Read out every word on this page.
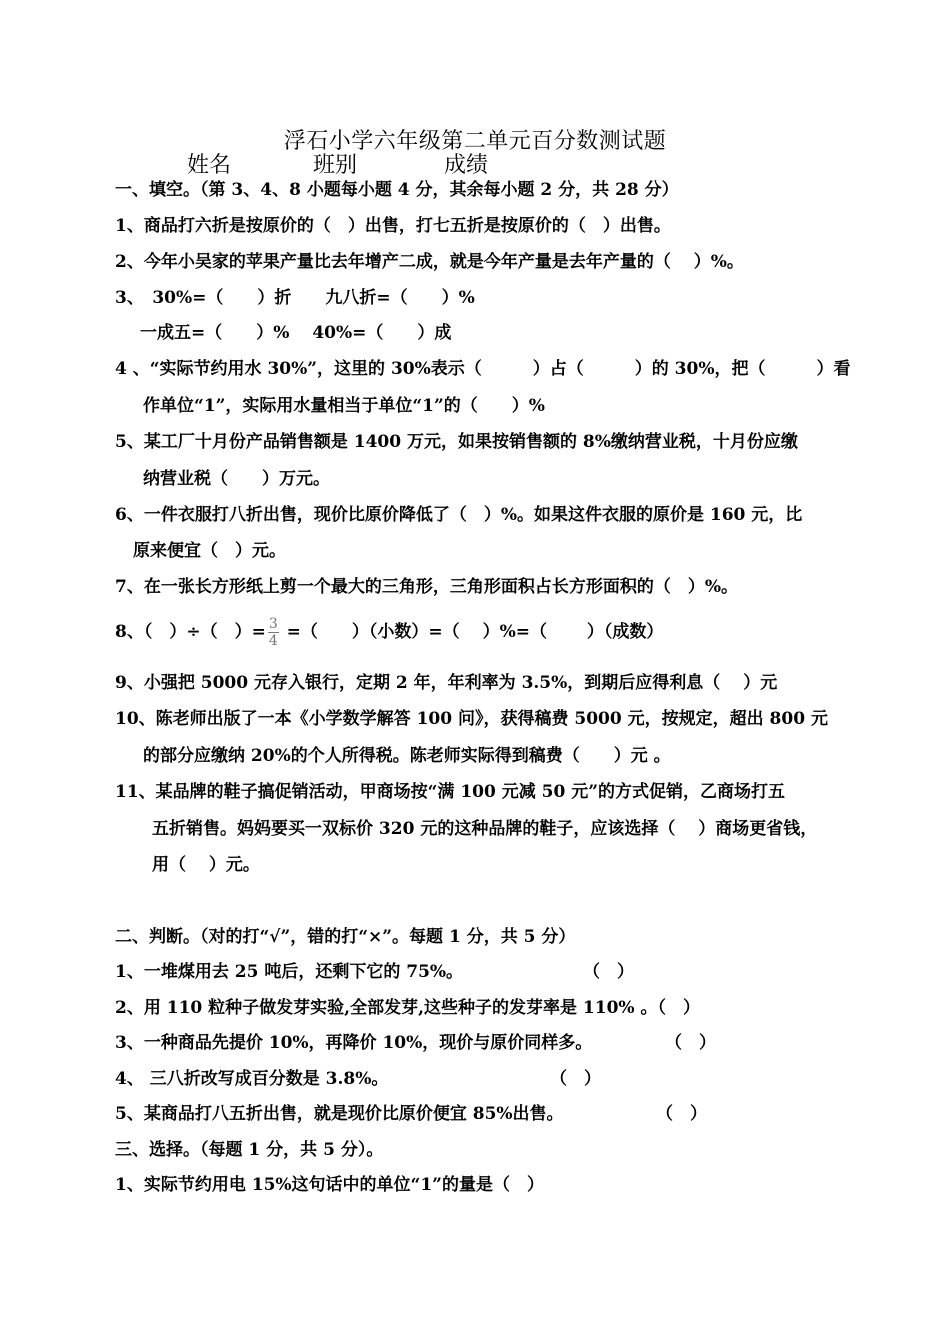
浮石小学六年级第二单元百分数测试题
姓名	班别	成绩
一、填空。（第 3、4、8 小题每小题 4 分，其余每小题 2 分，共 28 分）
1、商品打六折是按原价的（　）出售，打七五折是按原价的（　）出售。
2、今年小吴家的苹果产量比去年增产二成，就是今年产量是去年产量的（　 ）%。
3、　30%=（　　）折　　九八折=（　　）%
一成五=（　　）%　 40%=（　　）成
4 、“实际节约用水 30%”，这里的 30%表示（　　　）占（　　　）的 30%，把（　　　）看
作单位“1”，实际用水量相当于单位“1”的（　　）%
5、某工厂十月份产品销售额是 1400 万元，如果按销售额的 8%缴纳营业税，十月份应缴
纳营业税（　　）万元。
6、一件衣服打八折出售，现价比原价降低了（　）%。如果这件衣服的原价是 160 元，比
原来便宜（　）元。
7、在一张长方形纸上剪一个最大的三角形，三角形面积占长方形面积的（　）%。
8、（　）÷（　）= $\frac{3}{4}$ =（　　）（小数）=（　 ）%=（　　 ）（成数）
9、小强把 5000 元存入银行，定期 2 年，年利率为 3.5%，到期后应得利息（　 ）元
10、陈老师出版了一本《小学数学解答 100 问》，获得稿费 5000 元，按规定，超出 800 元
的部分应缴纳 20%的个人所得税。陈老师实际得到稿费（　　）元 。
11、某品牌的鞋子搞促销活动，甲商场按“满 100 元减 50 元”的方式促销，乙商场打五
五折销售。妈妈要买一双标价 320 元的这种品牌的鞋子，应该选择（　 ）商场更省钱，
用（　 ）元。
二、判断。（对的打“√”，错的打“×”。每题 1 分，共 5 分）
1、一堆煤用去 25 吨后，还剩下它的 75%。	（　）
2、用 110 粒种子做发芽实验,全部发芽,这些种子的发芽率是 110% 。（　）
3、一种商品先提价 10%，再降价 10%，现价与原价同样多。	（　）
4、 三八折改写成百分数是 3.8%。	（　）
5、某商品打八五折出售，就是现价比原价便宜 85%出售。	（　）
三、选择。（每题 1 分，共 5 分）。
1、实际节约用电 15%这句话中的单位“1”的量是（　）
